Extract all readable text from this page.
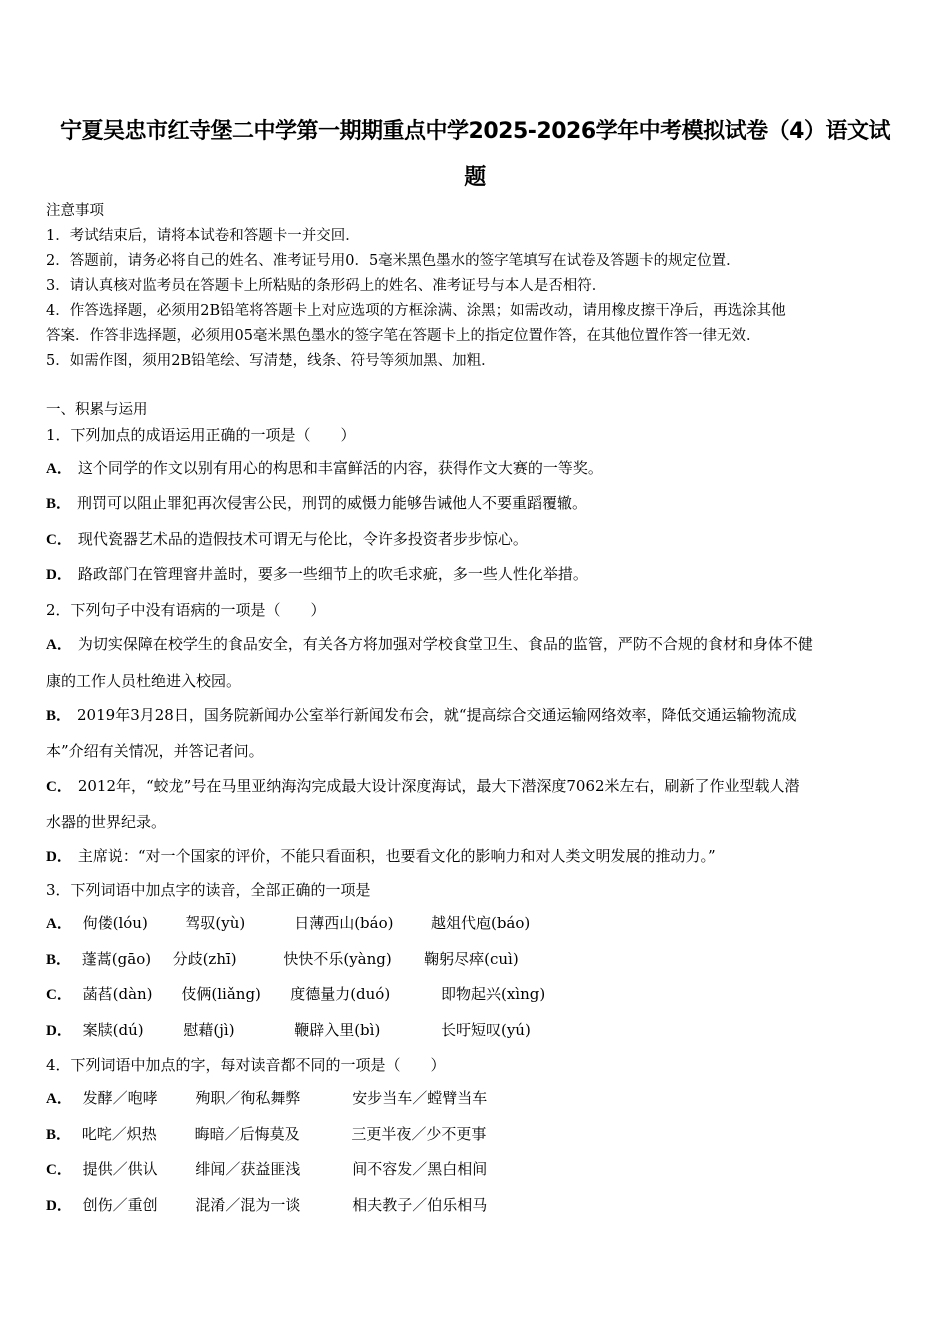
宁夏吴忠市红寺堡二中学第一期期重点中学2025-2026学年中考模拟试卷（4）语文试
题
注意事项
1．考试结束后，请将本试卷和答题卡一并交回．
2．答题前，请务必将自己的姓名、准考证号用0．5毫米黑色墨水的签字笔填写在试卷及答题卡的规定位置．
3．请认真核对监考员在答题卡上所粘贴的条形码上的姓名、准考证号与本人是否相符．
4．作答选择题，必须用2B铅笔将答题卡上对应选项的方框涂满、涂黑；如需改动，请用橡皮擦干净后，再选涂其他
答案．作答非选择题，必须用05毫米黑色墨水的签字笔在答题卡上的指定位置作答，在其他位置作答一律无效．
5．如需作图，须用2B铅笔绘、写清楚，线条、符号等须加黑、加粗．
一、积累与运用
1．下列加点的成语运用正确的一项是（　　）
A． 这个同学的作文以别有用心的构思和丰富鲜活的内容，获得作文大赛的一等奖。
B． 刑罚可以阻止罪犯再次侵害公民，刑罚的威慑力能够告诫他人不要重蹈覆辙。
C． 现代瓷器艺术品的造假技术可谓无与伦比，令许多投资者步步惊心。
D． 路政部门在管理窨井盖时，要多一些细节上的吹毛求疵，多一些人性化举措。
2．下列句子中没有语病的一项是（　　）
A． 为切实保障在校学生的食品安全，有关各方将加强对学校食堂卫生、食品的监管，严防不合规的食材和身体不健
康的工作人员杜绝进入校园。
B． 2019年3月28日，国务院新闻办公室举行新闻发布会，就“提高综合交通运输网络效率，降低交通运输物流成
本”介绍有关情况，并答记者问。
C． 2012年，“蛟龙”号在马里亚纳海沟完成最大设计深度海试，最大下潜深度7062米左右，刷新了作业型载人潜
水器的世界纪录。
D． 主席说：“对一个国家的评价，不能只看面积，也要看文化的影响力和对人类文明发展的推动力。”
3．下列词语中加点字的读音，全部正确的一项是
A． 佝偻(lóu)	驾驭(yù)	日薄西山(báo)	越俎代庖(báo)
B． 蓬蒿(gāo) 分歧(zhī)	快快不乐(yàng) 鞠躬尽瘁(cuì)
C． 菡萏(dàn) 伎俩(liǎng) 度德量力(duó)	即物起兴(xìng)
D． 案牍(dú)	慰藉(jì)	鞭辟入里(bì)	长吁短叹(yú)
4．下列词语中加点的字，每对读音都不同的一项是（　　）
A． 发酵／咆哮	殉职／徇私舞弊	安步当车／螳臂当车
B． 叱咤／炽热	晦暗／后悔莫及	三更半夜／少不更事
C． 提供／供认	绯闻／获益匪浅	间不容发／黑白相间
D． 创伤／重创	混淆／混为一谈	相夫教子／伯乐相马
